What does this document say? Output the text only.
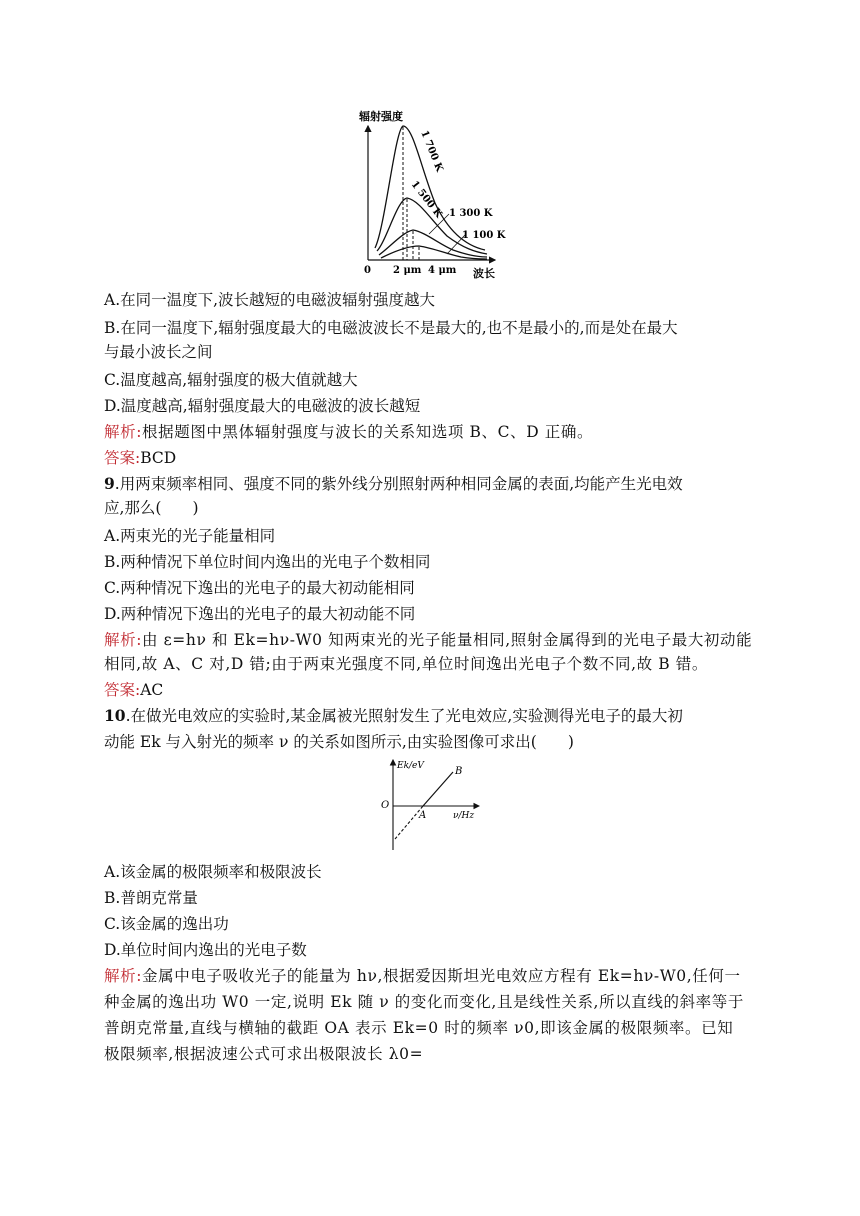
辐射强度
1 700 K
1 500 K 1 300 K
1 100 K
0 2 μm 4 μm 波长
A.在同一温度下,波长越短的电磁波辐射强度越大
B.在同一温度下,辐射强度最大的电磁波波长不是最大的,也不是最小的,而是处在最大
与最小波长之间
C.温度越高,辐射强度的极大值就越大
D.温度越高,辐射强度最大的电磁波的波长越短
解析:根据题图中黑体辐射强度与波长的关系知选项 B、C、D 正确。
答案:BCD
9.用两束频率相同、强度不同的紫外线分别照射两种相同金属的表面,均能产生光电效
应,那么(　　)
A.两束光的光子能量相同
B.两种情况下单位时间内逸出的光电子个数相同
C.两种情况下逸出的光电子的最大初动能相同
D.两种情况下逸出的光电子的最大初动能不同
解析:由 ε=hν 和 Ek=hν-W0 知两束光的光子能量相同,照射金属得到的光电子最大初动能
相同,故 A、C 对,D 错;由于两束光强度不同,单位时间逸出光电子个数不同,故 B 错。
答案:AC
10.在做光电效应的实验时,某金属被光照射发生了光电效应,实验测得光电子的最大初
动能 Ek 与入射光的频率 ν 的关系如图所示,由实验图像可求出(　　)
Ek/eV	B
O
A	ν/Hz
A.该金属的极限频率和极限波长
B.普朗克常量
C.该金属的逸出功
D.单位时间内逸出的光电子数
解析:金属中电子吸收光子的能量为 hν,根据爱因斯坦光电效应方程有 Ek=hν-W0,任何一
种金属的逸出功 W0 一定,说明 Ek 随 ν 的变化而变化,且是线性关系,所以直线的斜率等于
普朗克常量,直线与横轴的截距 OA 表示 Ek=0 时的频率 ν0,即该金属的极限频率。已知
极限频率,根据波速公式可求出极限波长 λ0=
